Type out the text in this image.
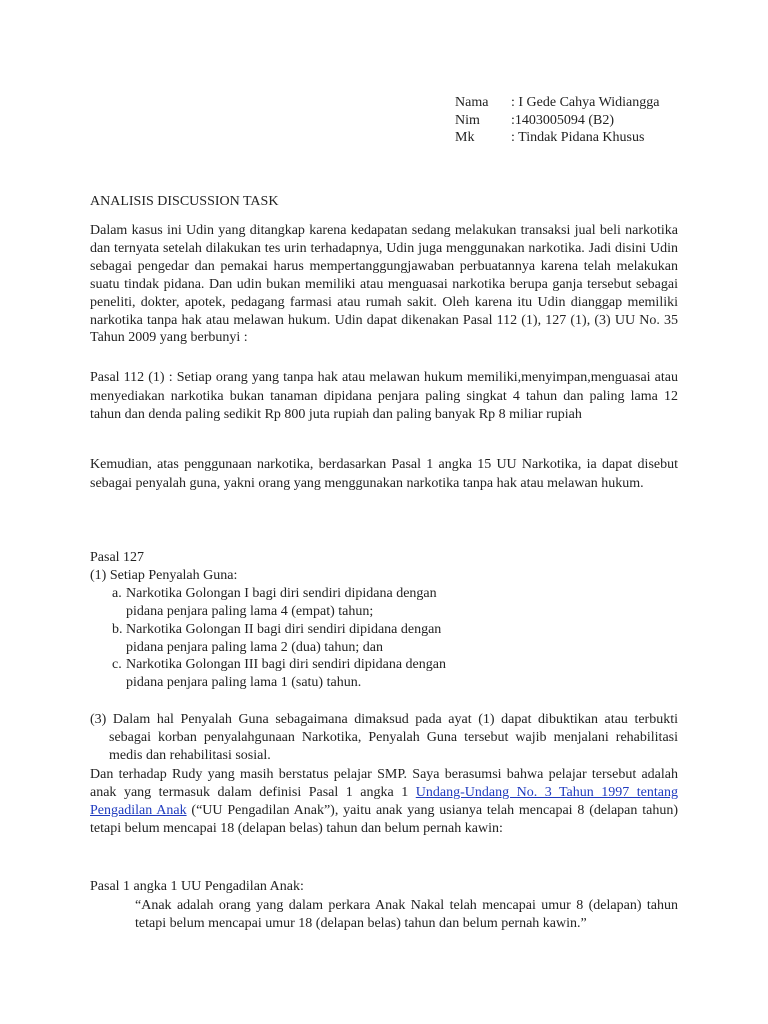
Nama	: I Gede Cahya Widiangga
Nim	:1403005094 (B2)
Mk	: Tindak Pidana Khusus

ANALISIS DISCUSSION TASK

Dalam kasus ini Udin yang ditangkap karena kedapatan sedang melakukan transaksi jual beli narkotika dan ternyata setelah dilakukan tes urin terhadapnya, Udin juga menggunakan narkotika. Jadi disini Udin sebagai pengedar dan pemakai harus mempertanggungjawaban perbuatannya karena telah melakukan suatu tindak pidana. Dan udin bukan memiliki atau menguasai narkotika berupa ganja tersebut sebagai peneliti, dokter, apotek, pedagang farmasi atau rumah sakit. Oleh karena itu Udin dianggap memiliki narkotika tanpa hak atau melawan hukum. Udin dapat dikenakan Pasal 112 (1), 127 (1), (3) UU No. 35 Tahun 2009 yang berbunyi :

Pasal 112 (1) : Setiap orang yang tanpa hak atau melawan hukum memiliki,menyimpan,menguasai atau menyediakan narkotika bukan tanaman dipidana penjara paling singkat 4 tahun dan paling lama 12 tahun dan denda paling sedikit Rp 800 juta rupiah dan paling banyak Rp 8 miliar rupiah

Kemudian, atas penggunaan narkotika, berdasarkan Pasal 1 angka 15 UU Narkotika, ia dapat disebut sebagai penyalah guna, yakni orang yang menggunakan narkotika tanpa hak atau melawan hukum.

Pasal 127

(1) Setiap Penyalah Guna:

a. Narkotika Golongan I bagi diri sendiri dipidana dengan
pidana penjara paling lama 4 (empat) tahun;
b. Narkotika Golongan II bagi diri sendiri dipidana dengan
pidana penjara paling lama 2 (dua) tahun; dan
c. Narkotika Golongan III bagi diri sendiri dipidana dengan
pidana penjara paling lama 1 (satu) tahun.

(3) Dalam hal Penyalah Guna sebagaimana dimaksud pada ayat (1) dapat dibuktikan atau terbukti sebagai korban penyalahgunaan Narkotika, Penyalah Guna tersebut wajib menjalani rehabilitasi medis dan rehabilitasi sosial.

Dan terhadap Rudy yang masih berstatus pelajar SMP. Saya berasumsi bahwa pelajar tersebut adalah anak yang termasuk dalam definisi Pasal 1 angka 1 Undang-Undang No. 3 Tahun 1997 tentang Pengadilan Anak (“UU Pengadilan Anak”), yaitu anak yang usianya telah mencapai 8 (delapan tahun) tetapi belum mencapai 18 (delapan belas) tahun dan belum pernah kawin:

Pasal 1 angka 1 UU Pengadilan Anak:

“Anak adalah orang yang dalam perkara Anak Nakal telah mencapai umur 8 (delapan) tahun tetapi belum mencapai umur 18 (delapan belas) tahun dan belum pernah kawin.”
